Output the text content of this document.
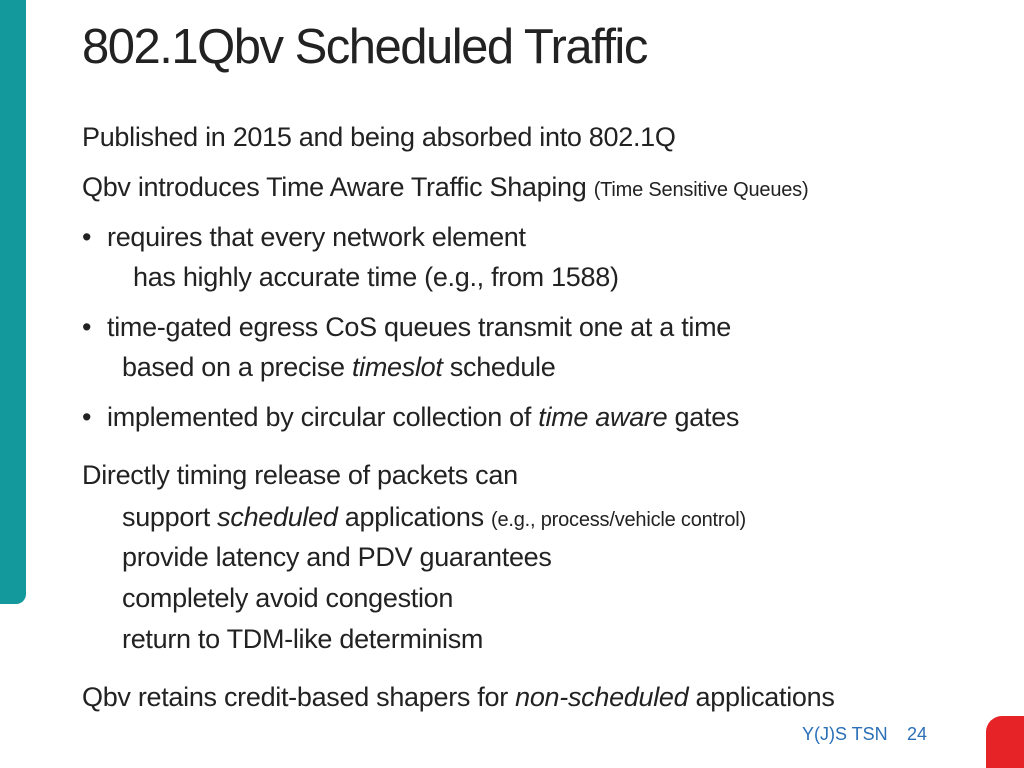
802.1Qbv Scheduled Traffic
Published in 2015 and being absorbed into 802.1Q
Qbv introduces Time Aware Traffic Shaping (Time Sensitive Queues)
• requires that every network element
has highly accurate time (e.g., from 1588)
• time-gated egress CoS queues transmit one at a time
based on a precise timeslot schedule
• implemented by circular collection of time aware gates
Directly timing release of packets can
support scheduled applications (e.g., process/vehicle control)
provide latency and PDV guarantees
completely avoid congestion
return to TDM-like determinism
Qbv retains credit-based shapers for non-scheduled applications
Y(J)S TSN 24
